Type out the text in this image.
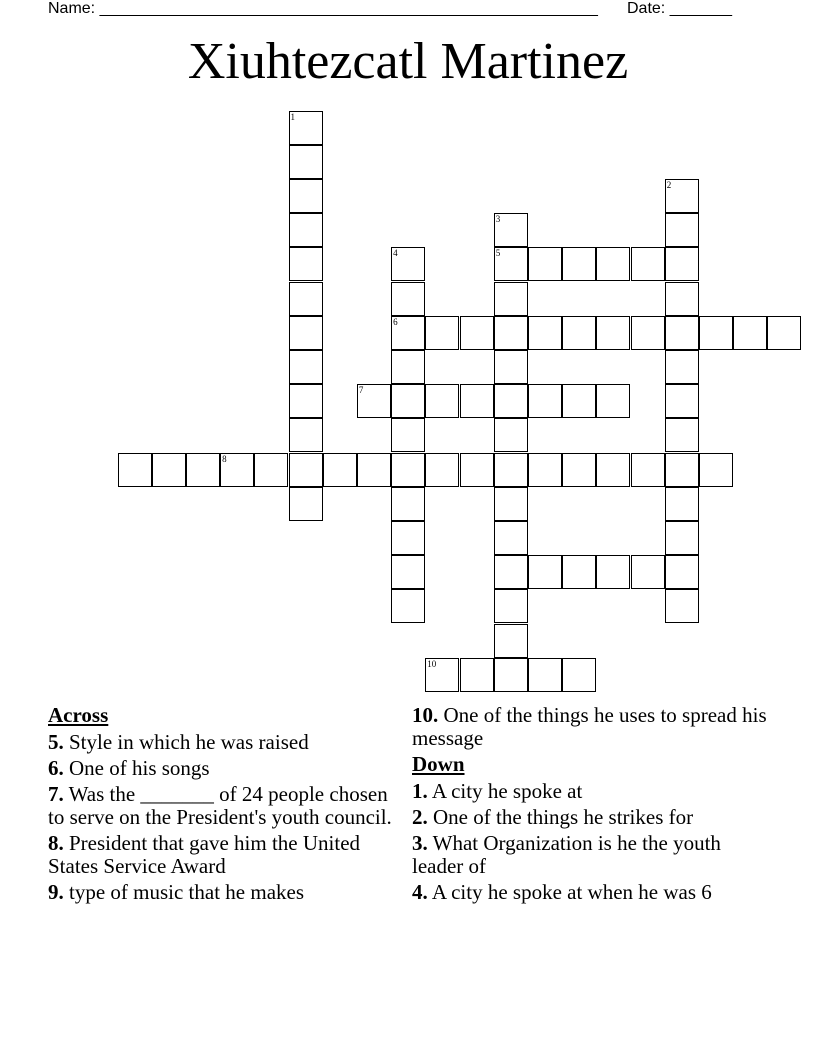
Name: ________________________________________________________ Date: _______
Xiuhtezcatl Martinez
1
2
3
5
4
6
7
8
10
Across
5. Style in which he was raised
6. One of his songs
7. Was the _______ of 24 people chosen to serve on the President's youth council.
8. President that gave him the United States Service Award
9. type of music that he makes
10. One of the things he uses to spread his message
Down
1. A city he spoke at
2. One of the things he strikes for
3. What Organization is he the youth leader of
4. A city he spoke at when he was 6
